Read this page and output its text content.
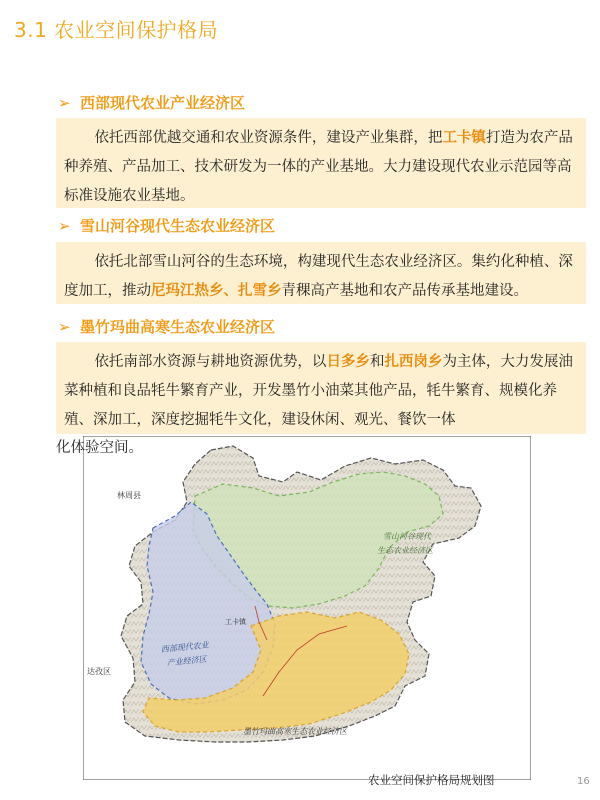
3.1 农业空间保护格局
➢ 西部现代农业产业经济区

依托西部优越交通和农业资源条件，建设产业集群，把工卡镇打造为农产品种养殖、产品加工、技术研发为一体的产业基地。大力建设现代农业示范园等高标准设施农业基地。

➢ 雪山河谷现代生态农业经济区

依托北部雪山河谷的生态环境，构建现代生态农业经济区。集约化种植、深度加工，推动尼玛江热乡、扎雪乡青稞高产基地和农产品传承基地建设。

➢ 墨竹玛曲高寒生态农业经济区

依托南部水资源与耕地资源优势，以日多乡和扎西岗乡为主体，大力发展油菜种植和良品牦牛繁育产业，开发墨竹小油菜其他产品，牦牛繁育、规模化养殖、深加工，深度挖掘牦牛文化，建设休闲、观光、餐饮一体

林周县
达孜区
工卡镇
雪山河谷现代
生态农业经济区
西部现代农业
产业经济区
墨竹玛曲高寒生态农业经济区
化体验空间。
农业空间保护格局规划图	16
